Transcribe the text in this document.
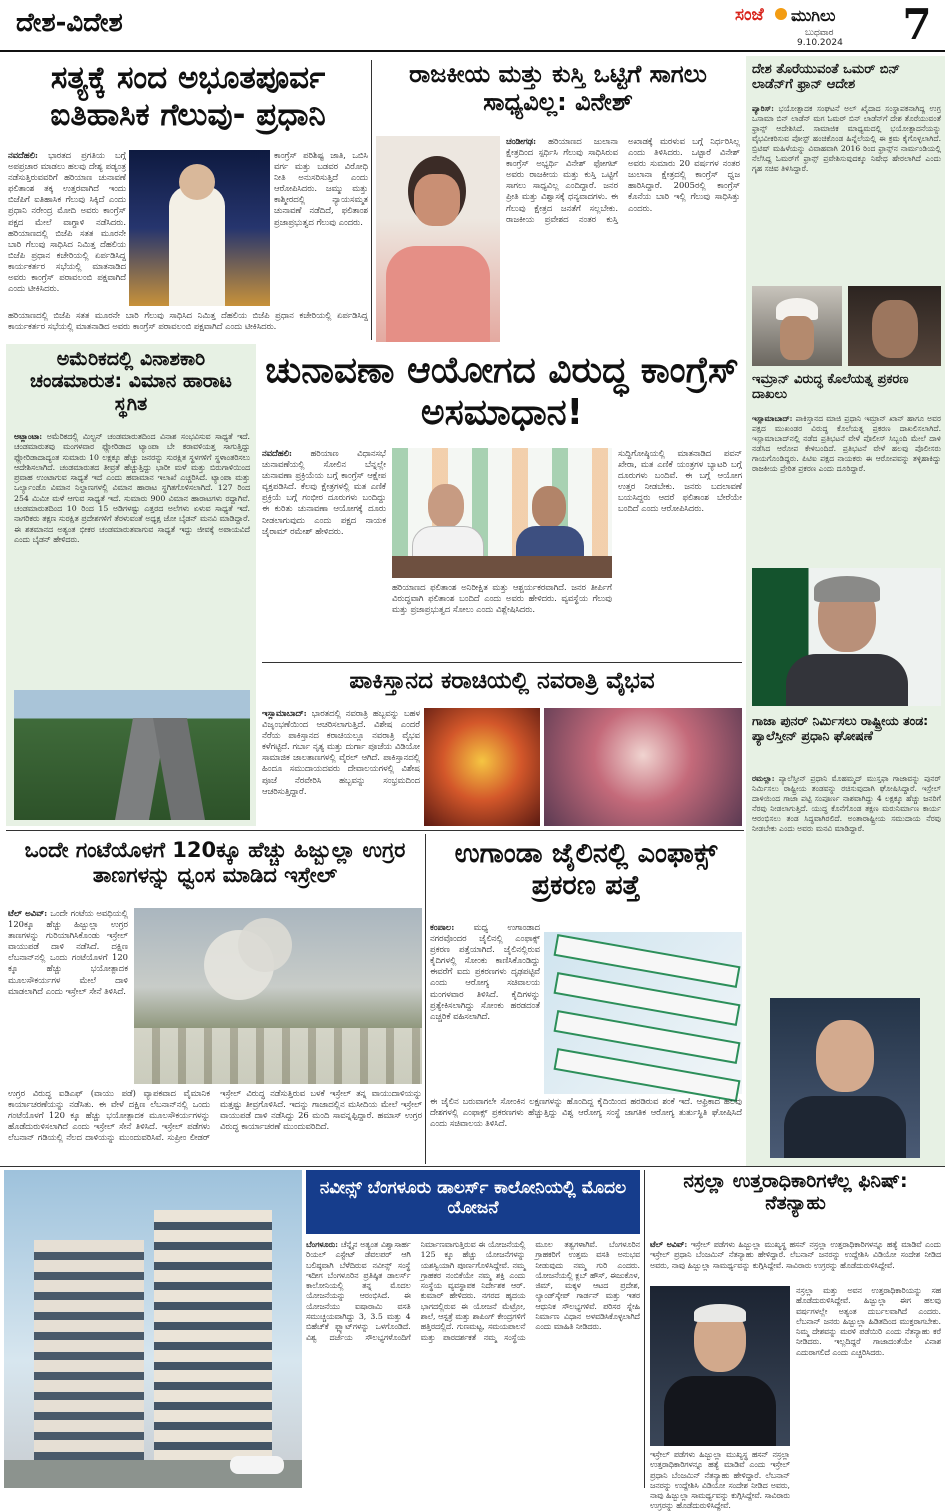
ದೇಶ-ವಿದೇಶ	ಸಂಜೆ ಮುಗಿಲು
ಬುಧವಾರ
9.10.2024 7
ಸತ್ಯಕ್ಕೆ ಸಂದ ಅಭೂತಪೂರ್ವ ಐತಿಹಾಸಿಕ ಗೆಲುವು- ಪ್ರಧಾನಿ
ನವದೆಹಲಿ: ಭಾರತದ ಪ್ರಗತಿಯ ಬಗ್ಗೆ ಅಪಪ್ರಚಾರ ಮಾಡಲು ಹಲವು ದೇಶ್ಯ ಪಡ್ಯಂತ್ರ ನಡೆಸುತ್ತಿರುವವರಿಗೆ ಹರಿಯಾಣ ಚುನಾವಣೆ ಫಲಿತಾಂಶ ತಕ್ಕ ಉತ್ತರವಾಗಿದೆ ಇಂದು ಬಿಜೆಪಿಗೆ ಐತಿಹಾಸಿಕ ಗೆಲುವು ಸಿಕ್ಕಿದೆ ಎಂದು ಪ್ರಧಾನಿ ನರೇಂದ್ರ ಮೋದಿ ಅವರು ಕಾಂಗ್ರೆಸ್ ಪಕ್ಷದ ಮೇಲೆ ವಾಗ್ದಾಳಿ ನಡೆಸಿದರು. ಹರಿಯಾಣದಲ್ಲಿ ಬಿಜೆಪಿ ಸತತ ಮೂರನೇ ಬಾರಿ ಗೆಲುವು ಸಾಧಿಸಿದ ನಿಮಿತ್ತ ದೆಹಲಿಯ ಬಿಜೆಪಿ ಪ್ರಧಾನ ಕಚೇರಿಯಲ್ಲಿ ಏರ್ಪಡಿಸಿದ್ದ ಕಾರ್ಯಕರ್ತರ ಸಭೆಯಲ್ಲಿ ಮಾತನಾಡಿದ ಅವರು ಕಾಂಗ್ರೆಸ್ ಪರಾವಲಂಬಿ ಪಕ್ಷವಾಗಿದೆ ಎಂದು ಟೀಕಿಸಿದರು.
ಕಾಂಗ್ರೆಸ್ ಪರಿಶಿಷ್ಟ ಜಾತಿ, ಒಬಿಸಿ ವರ್ಗ ಮತ್ತು ಬಡವರ ವಿರೋಧಿ ನೀತಿ ಅನುಸರಿಸುತ್ತಿದೆ ಎಂದು ಆರೋಪಿಸಿದರು. ಜಮ್ಮು ಮತ್ತು ಕಾಶ್ಮೀರದಲ್ಲಿ ನ್ಯಾಯಸಮ್ಮತ ಚುನಾವಣೆ ನಡೆದಿದೆ, ಫಲಿತಾಂಶ ಪ್ರಜಾಪ್ರಭುತ್ವದ ಗೆಲುವು ಎಂದರು.
ಹರಿಯಾಣದಲ್ಲಿ ಬಿಜೆಪಿ ಸತತ ಮೂರನೇ ಬಾರಿ ಗೆಲುವು ಸಾಧಿಸಿದ ನಿಮಿತ್ತ ದೆಹಲಿಯ ಬಿಜೆಪಿ ಪ್ರಧಾನ ಕಚೇರಿಯಲ್ಲಿ ಏರ್ಪಡಿಸಿದ್ದ ಕಾರ್ಯಕರ್ತರ ಸಭೆಯಲ್ಲಿ ಮಾತನಾಡಿದ ಅವರು ಕಾಂಗ್ರೆಸ್ ಪರಾವಲಂಬಿ ಪಕ್ಷವಾಗಿದೆ ಎಂದು ಟೀಕಿಸಿದರು.
ರಾಜಕೀಯ ಮತ್ತು ಕುಸ್ತಿ ಒಟ್ಟಿಗೆ ಸಾಗಲು ಸಾಧ್ಯವಿಲ್ಲ: ವಿನೇಶ್
ಚಂಡೀಗಢ: ಹರಿಯಾಣದ ಜುಲಾನಾ ಕ್ಷೇತ್ರದಿಂದ ಸ್ಪರ್ಧಿಸಿ ಗೆಲುವು ಸಾಧಿಸಿರುವ ಕಾಂಗ್ರೆಸ್ ಅಭ್ಯರ್ಥಿ ವಿನೇಶ್ ಫೋಗಟ್ ಅವರು ರಾಜಕೀಯ ಮತ್ತು ಕುಸ್ತಿ ಒಟ್ಟಿಗೆ ಸಾಗಲು ಸಾಧ್ಯವಿಲ್ಲ ಎಂದಿದ್ದಾರೆ. ಜನರ ಪ್ರೀತಿ ಮತ್ತು ವಿಶ್ವಾಸಕ್ಕೆ ಧನ್ಯವಾದಗಳು. ಈ ಗೆಲುವು ಕ್ಷೇತ್ರದ ಜನತೆಗೆ ಸಲ್ಲಬೇಕು. ರಾಜಕೀಯ ಪ್ರವೇಶದ ನಂತರ ಕುಸ್ತಿ ಅಖಾಡಕ್ಕೆ ಮರಳುವ ಬಗ್ಗೆ ನಿರ್ಧರಿಸಿಲ್ಲ ಎಂದು ತಿಳಿಸಿದರು. ಒಟ್ಟಾರೆ ವಿನೇಶ್ ಅವರು ಸುಮಾರು 20 ವರ್ಷಗಳ ನಂತರ ಜುಲಾನಾ ಕ್ಷೇತ್ರದಲ್ಲಿ ಕಾಂಗ್ರೆಸ್ ಧ್ವಜ ಹಾರಿಸಿದ್ದಾರೆ. 2005ರಲ್ಲಿ ಕಾಂಗ್ರೆಸ್ ಕೊನೆಯ ಬಾರಿ ಇಲ್ಲಿ ಗೆಲುವು ಸಾಧಿಸಿತ್ತು ಎಂದರು.
ದೇಶ ತೊರೆಯುವಂತೆ ಒಮರ್ ಬಿನ್ ಲಾಡೆನ್‌ಗೆ ಫ್ರಾನ್ ಆದೇಶ
ಪ್ಯಾರಿಸ್: ಭಯೋತ್ಪಾದಕ ಸಂಘಟನೆ ಅಲ್ ಖೈದಾದ ಸಂಸ್ಥಾಪಕನಾಗಿದ್ದ ಉಗ್ರ ಒಸಾಮಾ ಬಿನ್ ಲಾಡೆನ್ ಮಗ ಓಮರ್ ಬಿನ್ ಲಾಡೆನ್‌ಗೆ ದೇಶ ತೊರೆಯುವಂತೆ ಫ್ರಾನ್ಸ್ ಆದೇಶಿಸಿದೆ. ಸಾಮಾಜಿಕ ಮಾಧ್ಯಮದಲ್ಲಿ ಭಯೋತ್ಪಾದನೆಯನ್ನು ವೈಭವೀಕರಿಸುವ ಪೋಸ್ಟ್ ಹಂಚಿಕೊಂಡ ಹಿನ್ನೆಲೆಯಲ್ಲಿ ಈ ಕ್ರಮ ಕೈಗೊಳ್ಳಲಾಗಿದೆ. ಬ್ರಿಟಿಷ್ ಮಹಿಳೆಯನ್ನು ವಿವಾಹವಾಗಿ 2016 ರಿಂದ ಫ್ರಾನ್ಸ್‌ನ ನಾರ್ಮಂಡಿಯಲ್ಲಿ ನೆಲೆಸಿದ್ದ ಓಮರ್‌ಗೆ ಫ್ರಾನ್ಸ್ ಪ್ರವೇಶಿಸುವುದಕ್ಕೂ ನಿಷೇಧ ಹೇರಲಾಗಿದೆ ಎಂದು ಗೃಹ ಸಚಿವ ತಿಳಿಸಿದ್ದಾರೆ.
ಇಮ್ರಾನ್ ವಿರುದ್ಧ ಕೊಲೆಯತ್ನ ಪ್ರಕರಣ ದಾಖಲು
ಇಸ್ಲಾಮಾಬಾದ್: ಪಾಕಿಸ್ತಾನದ ಮಾಜಿ ಪ್ರಧಾನಿ ಇಮ್ರಾನ್ ಖಾನ್ ಹಾಗೂ ಅವರ ಪಕ್ಷದ ಮುಖಂಡರ ವಿರುದ್ಧ ಕೊಲೆಯತ್ನ ಪ್ರಕರಣ ದಾಖಲಿಸಲಾಗಿದೆ. ಇಸ್ಲಾಮಾಬಾದ್‌ನಲ್ಲಿ ನಡೆದ ಪ್ರತಿಭಟನೆ ವೇಳೆ ಪೊಲೀಸ್ ಸಿಬ್ಬಂದಿ ಮೇಲೆ ದಾಳಿ ನಡೆಸಿದ ಆರೋಪ ಕೇಳಿಬಂದಿದೆ. ಪ್ರತಿಭಟನೆ ವೇಳೆ ಹಲವು ಪೊಲೀಸರು ಗಾಯಗೊಂಡಿದ್ದರು. ಪಿಟಿಐ ಪಕ್ಷದ ನಾಯಕರು ಈ ಆರೋಪವನ್ನು ತಳ್ಳಿಹಾಕಿದ್ದು ರಾಜಕೀಯ ಪ್ರೇರಿತ ಪ್ರಕರಣ ಎಂದು ದೂರಿದ್ದಾರೆ.
ಗಾಜಾ ಪುನರ್ ನಿರ್ಮಿಸಲು ರಾಷ್ಟ್ರೀಯ ತಂಡ: ಪ್ಯಾಲೆಸ್ತೀನ್ ಪ್ರಧಾನಿ ಘೋಷಣೆ
ರಮಲ್ಲಾ: ಪ್ಯಾಲೆಸ್ತೀನ್ ಪ್ರಧಾನಿ ಮೊಹಮ್ಮದ್ ಮುಸ್ತಫಾ ಗಾಜಾವನ್ನು ಪುನರ್ ನಿರ್ಮಿಸಲು ರಾಷ್ಟ್ರೀಯ ತಂಡವನ್ನು ರಚಿಸುವುದಾಗಿ ಘೋಷಿಸಿದ್ದಾರೆ. ಇಸ್ರೇಲ್ ದಾಳಿಯಿಂದ ಗಾಜಾ ಪಟ್ಟಿ ಸಂಪೂರ್ಣ ನಾಶವಾಗಿದ್ದು 4 ಲಕ್ಷಕ್ಕೂ ಹೆಚ್ಚು ಜನರಿಗೆ ನೆರವು ನೀಡಲಾಗುತ್ತಿದೆ. ಯುದ್ಧ ಕೊನೆಗೊಂಡ ತಕ್ಷಣ ಮರುನಿರ್ಮಾಣ ಕಾರ್ಯ ಆರಂಭಿಸಲು ತಂಡ ಸಿದ್ಧವಾಗಿರಲಿದೆ. ಅಂತಾರಾಷ್ಟ್ರೀಯ ಸಮುದಾಯ ನೆರವು ನೀಡಬೇಕು ಎಂದು ಅವರು ಮನವಿ ಮಾಡಿದ್ದಾರೆ.
ಅಮೆರಿಕದಲ್ಲಿ ವಿನಾಶಕಾರಿ ಚಂಡಮಾರುತ: ವಿಮಾನ ಹಾರಾಟ ಸ್ಥಗಿತ
ಅಟ್ಲಾಂಟಾ: ಅಮೆರಿಕದಲ್ಲಿ ಮಿಲ್ಟನ್ ಚಂಡಮಾರುತದಿಂದ ವಿನಾಶ ಸಂಭವಿಸುವ ಸಾಧ್ಯತೆ ಇದೆ. ಚಂಡಮಾರುತವು ಮಂಗಳವಾರ ಫ್ಲೋರಿಡಾದ ಟ್ಯಾಂಪಾ ಬೇ ಕರಾವಳಿಯತ್ತ ಸಾಗುತ್ತಿದ್ದು ಫ್ಲೋರಿಡಾದಾದ್ಯಂತ ಸುಮಾರು 10 ಲಕ್ಷಕ್ಕೂ ಹೆಚ್ಚು ಜನರನ್ನು ಸುರಕ್ಷಿತ ಸ್ಥಳಗಳಿಗೆ ಸ್ಥಳಾಂತರಿಸಲು ಆದೇಶಿಸಲಾಗಿದೆ. ಚಂಡಮಾರುತದ ತೀವ್ರತೆ ಹೆಚ್ಚುತ್ತಿದ್ದು ಭಾರೀ ಮಳೆ ಮತ್ತು ಬಿರುಗಾಳಿಯಿಂದ ಪ್ರವಾಹ ಉಂಟಾಗುವ ಸಾಧ್ಯತೆ ಇದೆ ಎಂದು ಹವಾಮಾನ ಇಲಾಖೆ ಎಚ್ಚರಿಸಿದೆ. ಟ್ಯಾಂಪಾ ಮತ್ತು ಒರ್ಲ್ಯಾಂಡೊ ವಿಮಾನ ನಿಲ್ದಾಣಗಳಲ್ಲಿ ವಿಮಾನ ಹಾರಾಟ ಸ್ಥಗಿತಗೊಳಿಸಲಾಗಿದೆ. 127 ರಿಂದ 254 ಮಿಮೀ ಮಳೆ ಆಗುವ ಸಾಧ್ಯತೆ ಇದೆ. ಸುಮಾರು 900 ವಿಮಾನ ಹಾರಾಟಗಳು ರದ್ದಾಗಿವೆ. ಚಂಡಮಾರುತದಿಂದ 10 ರಿಂದ 15 ಅಡಿಗಳಷ್ಟು ಎತ್ತರದ ಅಲೆಗಳು ಏಳುವ ಸಾಧ್ಯತೆ ಇದೆ. ನಾಗರಿಕರು ತಕ್ಷಣ ಸುರಕ್ಷಿತ ಪ್ರದೇಶಗಳಿಗೆ ತೆರಳುವಂತೆ ಅಧ್ಯಕ್ಷ ಜೋ ಬೈಡನ್ ಮನವಿ ಮಾಡಿದ್ದಾರೆ. ಈ ಶತಮಾನದ ಅತ್ಯಂತ ಭೀಕರ ಚಂಡಮಾರುತವಾಗುವ ಸಾಧ್ಯತೆ ಇದ್ದು ಜೀವಕ್ಕೆ ಅಪಾಯವಿದೆ ಎಂದು ಬೈಡನ್ ಹೇಳಿದರು.
ಚುನಾವಣಾ ಆಯೋಗದ ವಿರುದ್ಧ ಕಾಂಗ್ರೆಸ್ ಅಸಮಾಧಾನ!
ನವದೆಹಲಿ: ಹರಿಯಾಣ ವಿಧಾನಸಭೆ ಚುನಾವಣೆಯಲ್ಲಿ ಸೋಲಿನ ಬೆನ್ನಲ್ಲೇ ಚುನಾವಣಾ ಪ್ರಕ್ರಿಯೆಯ ಬಗ್ಗೆ ಕಾಂಗ್ರೆಸ್ ಆಕ್ಷೇಪ ವ್ಯಕ್ತಪಡಿಸಿದೆ. ಕೆಲವು ಕ್ಷೇತ್ರಗಳಲ್ಲಿ ಮತ ಎಣಿಕೆ ಪ್ರಕ್ರಿಯೆ ಬಗ್ಗೆ ಗಂಭೀರ ದೂರುಗಳು ಬಂದಿದ್ದು ಈ ಕುರಿತು ಚುನಾವಣಾ ಆಯೋಗಕ್ಕೆ ದೂರು ನೀಡಲಾಗುವುದು ಎಂದು ಪಕ್ಷದ ನಾಯಕ ಜೈರಾಮ್ ರಮೇಶ್ ಹೇಳಿದರು.
ಹರಿಯಾಣದ ಫಲಿತಾಂಶ ಅನಿರೀಕ್ಷಿತ ಮತ್ತು ಆಶ್ಚರ್ಯಕರವಾಗಿದೆ. ಜನರ ತೀರ್ಪಿಗೆ ವಿರುದ್ಧವಾಗಿ ಫಲಿತಾಂಶ ಬಂದಿದೆ ಎಂದು ಅವರು ಹೇಳಿದರು. ವ್ಯವಸ್ಥೆಯ ಗೆಲುವು ಮತ್ತು ಪ್ರಜಾಪ್ರಭುತ್ವದ ಸೋಲು ಎಂದು ವಿಶ್ಲೇಷಿಸಿದರು.
ಸುದ್ದಿಗೋಷ್ಠಿಯಲ್ಲಿ ಮಾತನಾಡಿದ ಪವನ್ ಖೇರಾ, ಮತ ಎಣಿಕೆ ಯಂತ್ರಗಳ ಬ್ಯಾಟರಿ ಬಗ್ಗೆ ದೂರುಗಳು ಬಂದಿವೆ. ಈ ಬಗ್ಗೆ ಆಯೋಗ ಉತ್ತರ ನೀಡಬೇಕು. ಜನರು ಬದಲಾವಣೆ ಬಯಸಿದ್ದರು ಆದರೆ ಫಲಿತಾಂಶ ಬೇರೆಯೇ ಬಂದಿದೆ ಎಂದು ಆರೋಪಿಸಿದರು.
ಪಾಕಿಸ್ತಾನದ ಕರಾಚಿಯಲ್ಲಿ ನವರಾತ್ರಿ ವೈಭವ
ಇಸ್ಲಾಮಾಬಾದ್: ಭಾರತದಲ್ಲಿ ನವರಾತ್ರಿ ಹಬ್ಬವನ್ನು ಬಹಳ ವಿಜೃಂಭಣೆಯಿಂದ ಆಚರಿಸಲಾಗುತ್ತಿದೆ. ವಿಶೇಷ ಎಂದರೆ ನೆರೆಯ ಪಾಕಿಸ್ತಾನದ ಕರಾಚಿಯಲ್ಲೂ ನವರಾತ್ರಿ ವೈಭವ ಕಳೆಗಟ್ಟಿದೆ. ಗರ್ಬಾ ನೃತ್ಯ ಮತ್ತು ದುರ್ಗಾ ಪೂಜೆಯ ವಿಡಿಯೋ ಸಾಮಾಜಿಕ ಜಾಲತಾಣಗಳಲ್ಲಿ ವೈರಲ್ ಆಗಿದೆ. ಪಾಕಿಸ್ತಾನದಲ್ಲಿ ಹಿಂದೂ ಸಮುದಾಯದವರು ದೇವಾಲಯಗಳಲ್ಲಿ ವಿಶೇಷ ಪೂಜೆ ನೆರವೇರಿಸಿ ಹಬ್ಬವನ್ನು ಸಂಭ್ರಮದಿಂದ ಆಚರಿಸುತ್ತಿದ್ದಾರೆ.
ಒಂದೇ ಗಂಟೆಯೊಳಗೆ 120ಕ್ಕೂ ಹೆಚ್ಚು ಹಿಜ್ಬುಲ್ಲಾ ಉಗ್ರರ ತಾಣಗಳನ್ನು ಧ್ವಂಸ ಮಾಡಿದ ಇಸ್ರೇಲ್
ಟೆಲ್ ಅವಿವ್: ಒಂದೇ ಗಂಟೆಯ ಅವಧಿಯಲ್ಲಿ 120ಕ್ಕೂ ಹೆಚ್ಚು ಹಿಜ್ಬುಲ್ಲಾ ಉಗ್ರರ ತಾಣಗಳನ್ನು ಗುರಿಯಾಗಿಸಿಕೊಂಡು ಇಸ್ರೇಲ್ ವಾಯುಪಡೆ ದಾಳಿ ನಡೆಸಿದೆ. ದಕ್ಷಿಣ ಲೆಬನಾನ್‌ನಲ್ಲಿ ಒಂದು ಗಂಟೆಯೊಳಗೆ 120 ಕ್ಕೂ ಹೆಚ್ಚು ಭಯೋತ್ಪಾದಕ ಮೂಲಸೌಕರ್ಯಗಳ ಮೇಲೆ ದಾಳಿ ಮಾಡಲಾಗಿದೆ ಎಂದು ಇಸ್ರೇಲ್ ಸೇನೆ ತಿಳಿಸಿದೆ.
ಉಗ್ರರ ವಿರುದ್ಧ ಐಡಿಎಫ್ (ವಾಯು ಪಡೆ) ವ್ಯಾಪಕವಾದ ವೈಮಾನಿಕ ಕಾರ್ಯಾಚರಣೆಯನ್ನು ನಡೆಸಿತು. ಈ ವೇಳೆ ದಕ್ಷಿಣ ಲೆಬನಾನ್‌ನಲ್ಲಿ ಒಂದು ಗಂಟೆಯೊಳಗೆ 120 ಕ್ಕೂ ಹೆಚ್ಚು ಭಯೋತ್ಪಾದಕ ಮೂಲಸೌಕರ್ಯಗಳನ್ನು ಹೊಡೆದುರುಳಿಸಲಾಗಿದೆ ಎಂದು ಇಸ್ರೇಲ್ ಸೇನೆ ತಿಳಿಸಿದೆ. ಇಸ್ರೇಲ್ ಪಡೆಗಳು ಲೆಬನಾನ್ ಗಡಿಯಲ್ಲಿ ನೆಲದ ದಾಳಿಯನ್ನು ಮುಂದುವರಿಸಿವೆ. ಸುಪ್ರೀಂ ಲೀಡರ್ ಇಸ್ರೇಲ್ ವಿರುದ್ಧ ನಡೆಸುತ್ತಿರುವ ಬಳಕೆ ಇಸ್ರೇಲ್ ತನ್ನ ವಾಯುದಾಳಿಯನ್ನು ಮತ್ತಷ್ಟು ತೀವ್ರಗೊಳಿಸಿದೆ. ಇದನ್ನು ಗಾಜಾದಲ್ಲಿನ ಮಸೀದಿಯ ಮೇಲೆ ಇಸ್ರೇಲ್ ವಾಯುಪಡೆ ದಾಳಿ ನಡೆಸಿದ್ದು 26 ಮಂದಿ ಸಾವನ್ನಪ್ಪಿದ್ದಾರೆ. ಹಮಾಸ್ ಉಗ್ರರ ವಿರುದ್ಧ ಕಾರ್ಯಾಚರಣೆ ಮುಂದುವರಿದಿದೆ.
ಉಗಾಂಡಾ ಜೈಲಿನಲ್ಲಿ ಎಂಫಾಕ್ಸ್ ಪ್ರಕರಣ ಪತ್ತೆ
ಕಂಪಾಲ: ಮಧ್ಯ ಉಗಾಂಡಾದ ನಗರವೊಂದರ ಜೈಲಿನಲ್ಲಿ ಎಂಫಾಕ್ಸ್ ಪ್ರಕರಣ ಪತ್ತೆಯಾಗಿದೆ. ಜೈಲಿನಲ್ಲಿರುವ ಕೈದಿಗಳಲ್ಲಿ ಸೋಂಕು ಕಾಣಿಸಿಕೊಂಡಿದ್ದು ಈವರೆಗೆ ಐದು ಪ್ರಕರಣಗಳು ದೃಢಪಟ್ಟಿವೆ ಎಂದು ಆರೋಗ್ಯ ಸಚಿವಾಲಯ ಮಂಗಳವಾರ ತಿಳಿಸಿದೆ. ಕೈದಿಗಳನ್ನು ಪ್ರತ್ಯೇಕಿಸಲಾಗಿದ್ದು ಸೋಂಕು ಹರಡದಂತೆ ಎಚ್ಚರಿಕೆ ವಹಿಸಲಾಗಿದೆ.
ಈ ಜೈಲಿನ ಬರುವಾಗಲೇ ಸೋಂಕಿನ ಲಕ್ಷಣಗಳನ್ನು ಹೊಂದಿದ್ದ ಕೈದಿಯಿಂದ ಹರಡಿರುವ ಶಂಕೆ ಇದೆ. ಆಫ್ರಿಕಾದ ಹಲವು ದೇಶಗಳಲ್ಲಿ ಎಂಫಾಕ್ಸ್ ಪ್ರಕರಣಗಳು ಹೆಚ್ಚುತ್ತಿದ್ದು ವಿಶ್ವ ಆರೋಗ್ಯ ಸಂಸ್ಥೆ ಜಾಗತಿಕ ಆರೋಗ್ಯ ತುರ್ತುಸ್ಥಿತಿ ಘೋಷಿಸಿದೆ ಎಂದು ಸಚಿವಾಲಯ ತಿಳಿಸಿದೆ.
ನವೀನ್ಸ್ ಬೆಂಗಳೂರು ಡಾಲರ್ಸ್ ಕಾಲೋನಿಯಲ್ಲಿ ಮೊದಲ ಯೋಜನೆ
ಬೆಂಗಳೂರು: ಚೆನ್ನೈನ ಅತ್ಯಂತ ವಿಶ್ವಾಸಾರ್ಹ ರಿಯಲ್ ಎಸ್ಟೇಟ್ ಡೆವಲಪರ್ ಆಗಿ ಬಲಿಷ್ಠವಾಗಿ ಬೆಳೆದಿರುವ ನವೀನ್ಸ್ ಸಂಸ್ಥೆ ಇದೀಗ ಬೆಂಗಳೂರಿನ ಪ್ರತಿಷ್ಠಿತ ಡಾಲರ್ಸ್ ಕಾಲೋನಿಯಲ್ಲಿ ತನ್ನ ಮೊದಲ ಯೋಜನೆಯನ್ನು ಆರಂಭಿಸಿದೆ. ಈ ಯೋಜನೆಯು ಐಷಾರಾಮಿ ವಸತಿ ಸಮುಚ್ಚಯವಾಗಿದ್ದು 3, 3.5 ಮತ್ತು 4 ಬಿಹೆಚ್‌ಕೆ ಫ್ಲ್ಯಾಟ್‌ಗಳನ್ನು ಒಳಗೊಂಡಿದೆ. ವಿಶ್ವ ದರ್ಜೆಯ ಸೌಲಭ್ಯಗಳೊಂದಿಗೆ ನಿರ್ಮಾಣವಾಗುತ್ತಿರುವ ಈ ಯೋಜನೆಯಲ್ಲಿ 125 ಕ್ಕೂ ಹೆಚ್ಚು ಯೋಜನೆಗಳನ್ನು ಯಶಸ್ವಿಯಾಗಿ ಪೂರ್ಣಗೊಳಿಸಿದ್ದೇವೆ. ನಮ್ಮ ಗ್ರಾಹಕರ ನಂಬಿಕೆಯೇ ನಮ್ಮ ಶಕ್ತಿ ಎಂದು ಸಂಸ್ಥೆಯ ವ್ಯವಸ್ಥಾಪಕ ನಿರ್ದೇಶಕ ಆರ್. ಕುಮಾರ್ ಹೇಳಿದರು. ನಗರದ ಹೃದಯ ಭಾಗದಲ್ಲಿರುವ ಈ ಯೋಜನೆ ಮೆಟ್ರೋ, ಶಾಲೆ, ಆಸ್ಪತ್ರೆ ಮತ್ತು ಶಾಪಿಂಗ್ ಕೇಂದ್ರಗಳಿಗೆ ಹತ್ತಿರದಲ್ಲಿದೆ. ಗುಣಮಟ್ಟ, ಸಮಯಪಾಲನೆ ಮತ್ತು ಪಾರದರ್ಶಕತೆ ನಮ್ಮ ಸಂಸ್ಥೆಯ ಮೂಲ ತತ್ವಗಳಾಗಿವೆ. ಬೆಂಗಳೂರಿನ ಗ್ರಾಹಕರಿಗೆ ಉತ್ತಮ ವಸತಿ ಅನುಭವ ನೀಡುವುದು ನಮ್ಮ ಗುರಿ ಎಂದರು. ಯೋಜನೆಯಲ್ಲಿ ಕ್ಲಬ್ ಹೌಸ್, ಈಜುಕೊಳ, ಜಿಮ್, ಮಕ್ಕಳ ಆಟದ ಪ್ರದೇಶ, ಲ್ಯಾಂಡ್‌ಸ್ಕೇಪ್ ಗಾರ್ಡನ್ ಮತ್ತು ಇತರ ಆಧುನಿಕ ಸೌಲಭ್ಯಗಳಿವೆ. ಪರಿಸರ ಸ್ನೇಹಿ ನಿರ್ಮಾಣ ವಿಧಾನ ಅಳವಡಿಸಿಕೊಳ್ಳಲಾಗಿದೆ ಎಂದು ಮಾಹಿತಿ ನೀಡಿದರು.
ನಸ್ರಲ್ಲಾ ಉತ್ತರಾಧಿಕಾರಿಗಳೆಲ್ಲ ಫಿನಿಷ್: ನೆತನ್ಯಾಹು
ಟೆಲ್ ಅವಿವ್: ಇಸ್ರೇಲ್ ಪಡೆಗಳು ಹಿಜ್ಬುಲ್ಲಾ ಮುಖ್ಯಸ್ಥ ಹಸನ್ ನಸ್ರಲ್ಲಾ ಉತ್ತರಾಧಿಕಾರಿಗಳನ್ನೂ ಹತ್ಯೆ ಮಾಡಿವೆ ಎಂದು ಇಸ್ರೇಲ್ ಪ್ರಧಾನಿ ಬೆಂಜಮಿನ್ ನೆತನ್ಯಾಹು ಹೇಳಿದ್ದಾರೆ. ಲೆಬನಾನ್ ಜನರನ್ನು ಉದ್ದೇಶಿಸಿ ವಿಡಿಯೋ ಸಂದೇಶ ನೀಡಿದ ಅವರು, ನಾವು ಹಿಜ್ಬುಲ್ಲಾ ಸಾಮರ್ಥ್ಯವನ್ನು ಕುಗ್ಗಿಸಿದ್ದೇವೆ. ಸಾವಿರಾರು ಉಗ್ರರನ್ನು ಹೊಡೆದುರುಳಿಸಿದ್ದೇವೆ.
ನಸ್ರಲ್ಲಾ ಮತ್ತು ಅವನ ಉತ್ತರಾಧಿಕಾರಿಯನ್ನು ಸಹ ಹೊಡೆದುರುಳಿಸಿದ್ದೇವೆ. ಹಿಜ್ಬುಲ್ಲಾ ಈಗ ಹಲವು ವರ್ಷಗಳಲ್ಲೇ ಅತ್ಯಂತ ದುರ್ಬಲವಾಗಿದೆ ಎಂದರು. ಲೆಬನಾನ್ ಜನರು ಹಿಜ್ಬುಲ್ಲಾ ಹಿಡಿತದಿಂದ ಮುಕ್ತರಾಗಬೇಕು. ನಿಮ್ಮ ದೇಶವನ್ನು ಮರಳಿ ಪಡೆಯಿರಿ ಎಂದು ನೆತನ್ಯಾಹು ಕರೆ ನೀಡಿದರು. ಇಲ್ಲದಿದ್ದರೆ ಗಾಜಾದಂತೆಯೇ ವಿನಾಶ ಎದುರಾಗಲಿದೆ ಎಂದು ಎಚ್ಚರಿಸಿದರು.
ಇಸ್ರೇಲ್ ಪಡೆಗಳು ಹಿಜ್ಬುಲ್ಲಾ ಮುಖ್ಯಸ್ಥ ಹಸನ್ ನಸ್ರಲ್ಲಾ ಉತ್ತರಾಧಿಕಾರಿಗಳನ್ನೂ ಹತ್ಯೆ ಮಾಡಿವೆ ಎಂದು ಇಸ್ರೇಲ್ ಪ್ರಧಾನಿ ಬೆಂಜಮಿನ್ ನೆತನ್ಯಾಹು ಹೇಳಿದ್ದಾರೆ. ಲೆಬನಾನ್ ಜನರನ್ನು ಉದ್ದೇಶಿಸಿ ವಿಡಿಯೋ ಸಂದೇಶ ನೀಡಿದ ಅವರು, ನಾವು ಹಿಜ್ಬುಲ್ಲಾ ಸಾಮರ್ಥ್ಯವನ್ನು ಕುಗ್ಗಿಸಿದ್ದೇವೆ. ಸಾವಿರಾರು ಉಗ್ರರನ್ನು ಹೊಡೆದುರುಳಿಸಿದ್ದೇವೆ.
